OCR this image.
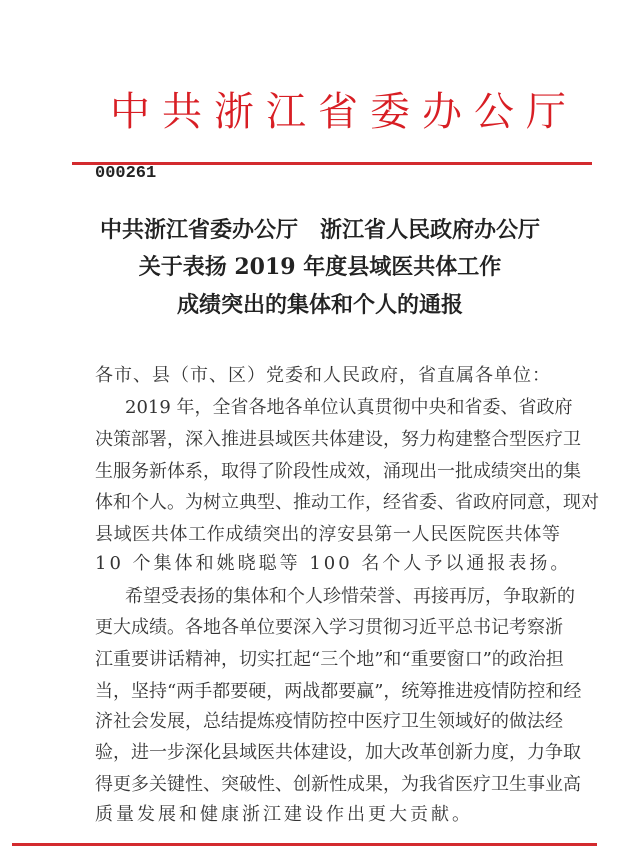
中共浙江省委办公厅
000261
中共浙江省委办公厅　浙江省人民政府办公厅
关于表扬 2019 年度县域医共体工作
成绩突出的集体和个人的通报
各市、县（市、区）党委和人民政府，省直属各单位：
2019 年，全省各地各单位认真贯彻中央和省委、省政府
决策部署，深入推进县域医共体建设，努力构建整合型医疗卫
生服务新体系，取得了阶段性成效，涌现出一批成绩突出的集
体和个人。为树立典型、推动工作，经省委、省政府同意，现对
县域医共体工作成绩突出的淳安县第一人民医院医共体等
10 个集体和姚晓聪等 100 名个人予以通报表扬。
希望受表扬的集体和个人珍惜荣誉、再接再厉，争取新的
更大成绩。各地各单位要深入学习贯彻习近平总书记考察浙
江重要讲话精神，切实扛起“三个地”和“重要窗口”的政治担
当，坚持“两手都要硬，两战都要赢”，统筹推进疫情防控和经
济社会发展，总结提炼疫情防控中医疗卫生领域好的做法经
验，进一步深化县域医共体建设，加大改革创新力度，力争取
得更多关键性、突破性、创新性成果，为我省医疗卫生事业高
质量发展和健康浙江建设作出更大贡献。
